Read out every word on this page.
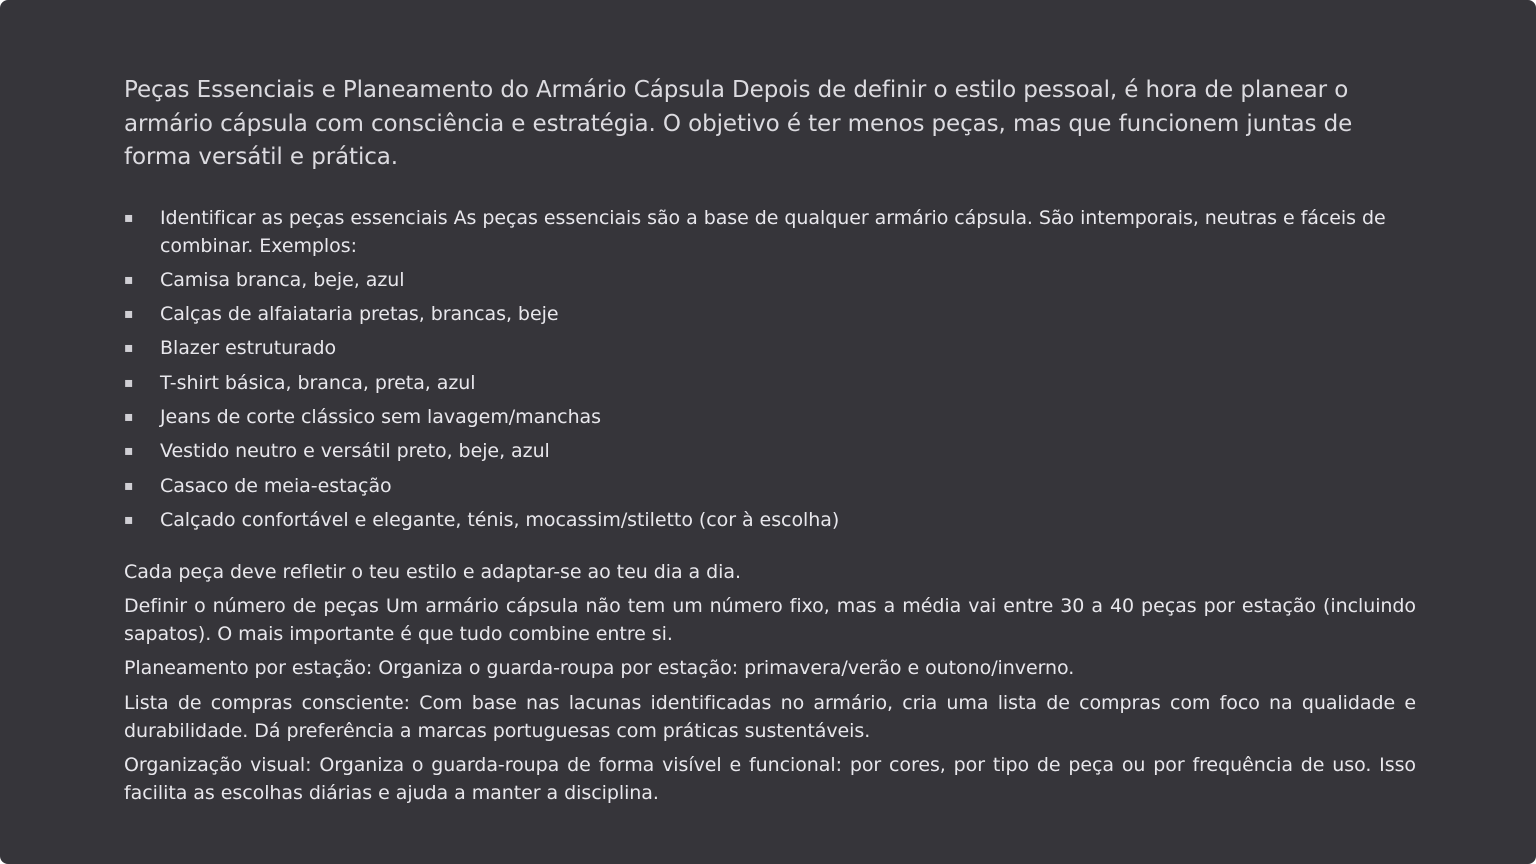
Peças Essenciais e Planeamento do Armário Cápsula Depois de definir o estilo pessoal, é hora de planear o armário cápsula com consciência e estratégia. O objetivo é ter menos peças, mas que funcionem juntas de forma versátil e prática.

▪	Identificar as peças essenciais As peças essenciais são a base de qualquer armário cápsula. São intemporais, neutras e fáceis de combinar. Exemplos:
▪	Camisa branca, beje, azul
▪	Calças de alfaiataria pretas, brancas, beje
▪	Blazer estruturado
▪	T-shirt básica, branca, preta, azul
▪	Jeans de corte clássico sem lavagem/manchas
▪	Vestido neutro e versátil preto, beje, azul
▪	Casaco de meia-estação
▪	Calçado confortável e elegante, ténis, mocassim/stiletto (cor à escolha)

Cada peça deve refletir o teu estilo e adaptar-se ao teu dia a dia.

Definir o número de peças Um armário cápsula não tem um número fixo, mas a média vai entre 30 a 40 peças por estação (incluindo sapatos). O mais importante é que tudo combine entre si.

Planeamento por estação: Organiza o guarda-roupa por estação: primavera/verão e outono/inverno.

Lista de compras consciente: Com base nas lacunas identificadas no armário, cria uma lista de compras com foco na qualidade e durabilidade. Dá preferência a marcas portuguesas com práticas sustentáveis.

Organização visual: Organiza o guarda-roupa de forma visível e funcional: por cores, por tipo de peça ou por frequência de uso. Isso facilita as escolhas diárias e ajuda a manter a disciplina.
